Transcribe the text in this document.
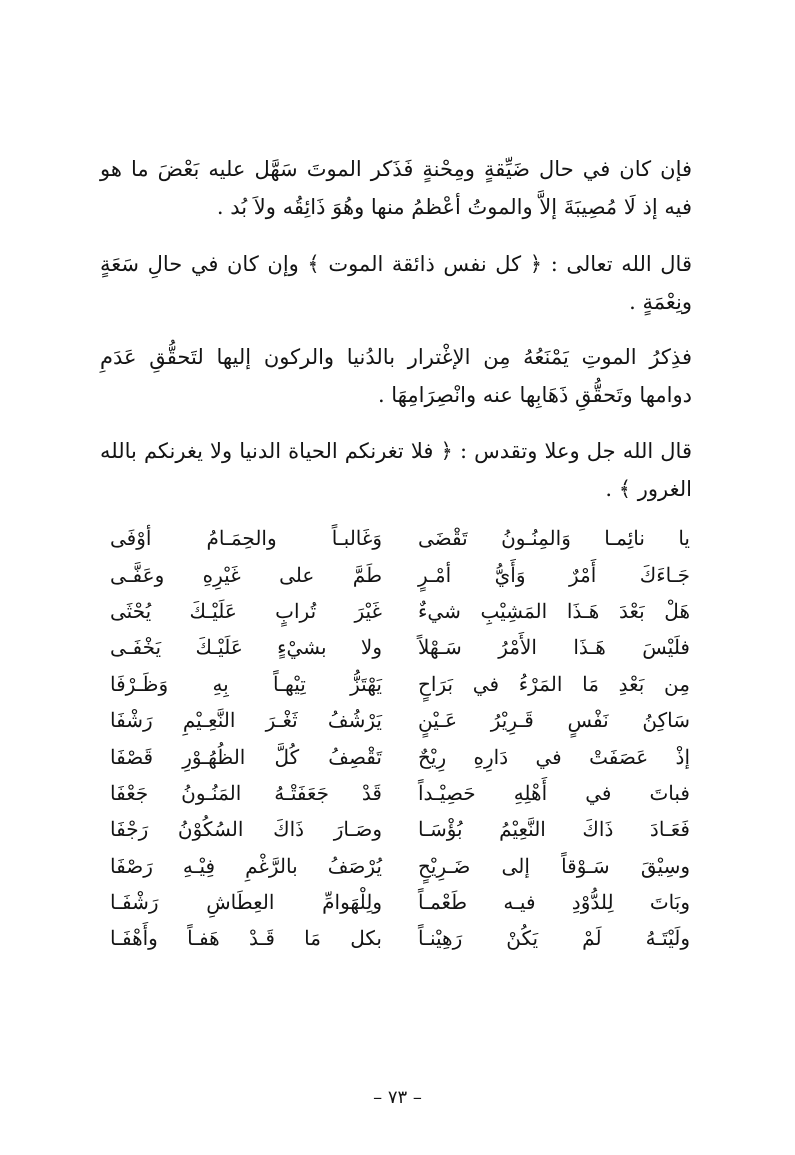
فإن كان في حال ضَيِّقةٍ ومِحْنةٍ فَذَكر الموتَ سَهَّل عليه بَعْضَ ما هو فيه إذ لَا مُصِيبَةَ إلاَّ والموتُ أعْظمُ منها وهُوَ ذَائِقُه ولاَ بُد .

قال الله تعالى : ﴿ كل نفس ذائقة الموت ﴾ وإن كان في حالِ سَعَةٍ ونِعْمَةٍ .

فذِكرُ الموتِ يَمْنَعُهُ مِن الإغْترار بالدُنيا والركون إليها لتَحقُّقِ عَدَمِ دوامها وتَحقُّقِ ذَهَابِها عنه وانْصِرَامِهَا .

قال الله جل وعلا وتقدس : ﴿ فلا تغرنكم الحياة الدنيا ولا يغرنكم بالله الغرور ﴾ .

يا نائِمـا وَالمِنُـونُ تَقْضَى
وَغَالبـاً والحِمَـامُ أوْفَى
جَـاءَكَ أَمْرٌ وَأَيُّ أمْـرٍ
طَمَّ على غَيْرِهِ وعَفَّـى
هَلْ بَعْدَ هَـذَا المَشِيْبِ شيءٌ
غَيْرَ تُرابٍ عَلَيْـكَ يُحْثَى
فلَيْسَ هَـذَا الأَمْرُ سَـهْلاً
ولا بشيْءٍ عَلَيْـكَ يَخْفَـى
مِن بَعْدِ مَا المَرْءُ في بَرَاحٍ
يَهْتَزُّ تِيْهـاً بِهِ وَظَـرْفَا
سَاكِنُ نَفْسٍ قَـرِيْرُ عَـيْنٍ
يَرْشُفُ ثَغْـرَ النَّعِـيْمِ رَشْفَا
إذْ عَصَفَتْ في دَارِهِ رِيْحٌ
تَقْصِفُ كُلَّ الظُهُـوْرِ قَصْفَا
فباتَ في أَهْلِهِ حَصِيْـداً
قَدْ جَعَفَتْـهُ المَنُـونُ جَعْفَا
فَعَـادَ ذَاكَ النَّعِيْمُ بُؤْسَـا
وصَـارَ ذَاكَ السُكُوْنُ رَجْفَا
وسِيْقَ سَـوْقاً إلى ضَـرِيْحٍ
يُرْصَفُ بالرَّغْمِ فِيْـهِ رَصْفَا
وبَاتَ لِلدُّوْدِ فيـه طَعْمـاً
ولِلْهَوامِّ العِطَاشِ رَشْفَـا
ولَيْتَـهُ لَمْ يَكُنْ رَهِيْنـاً
بكل مَا قَـدْ هَفـاً وأَهْفَـا
– ٧٣ –
